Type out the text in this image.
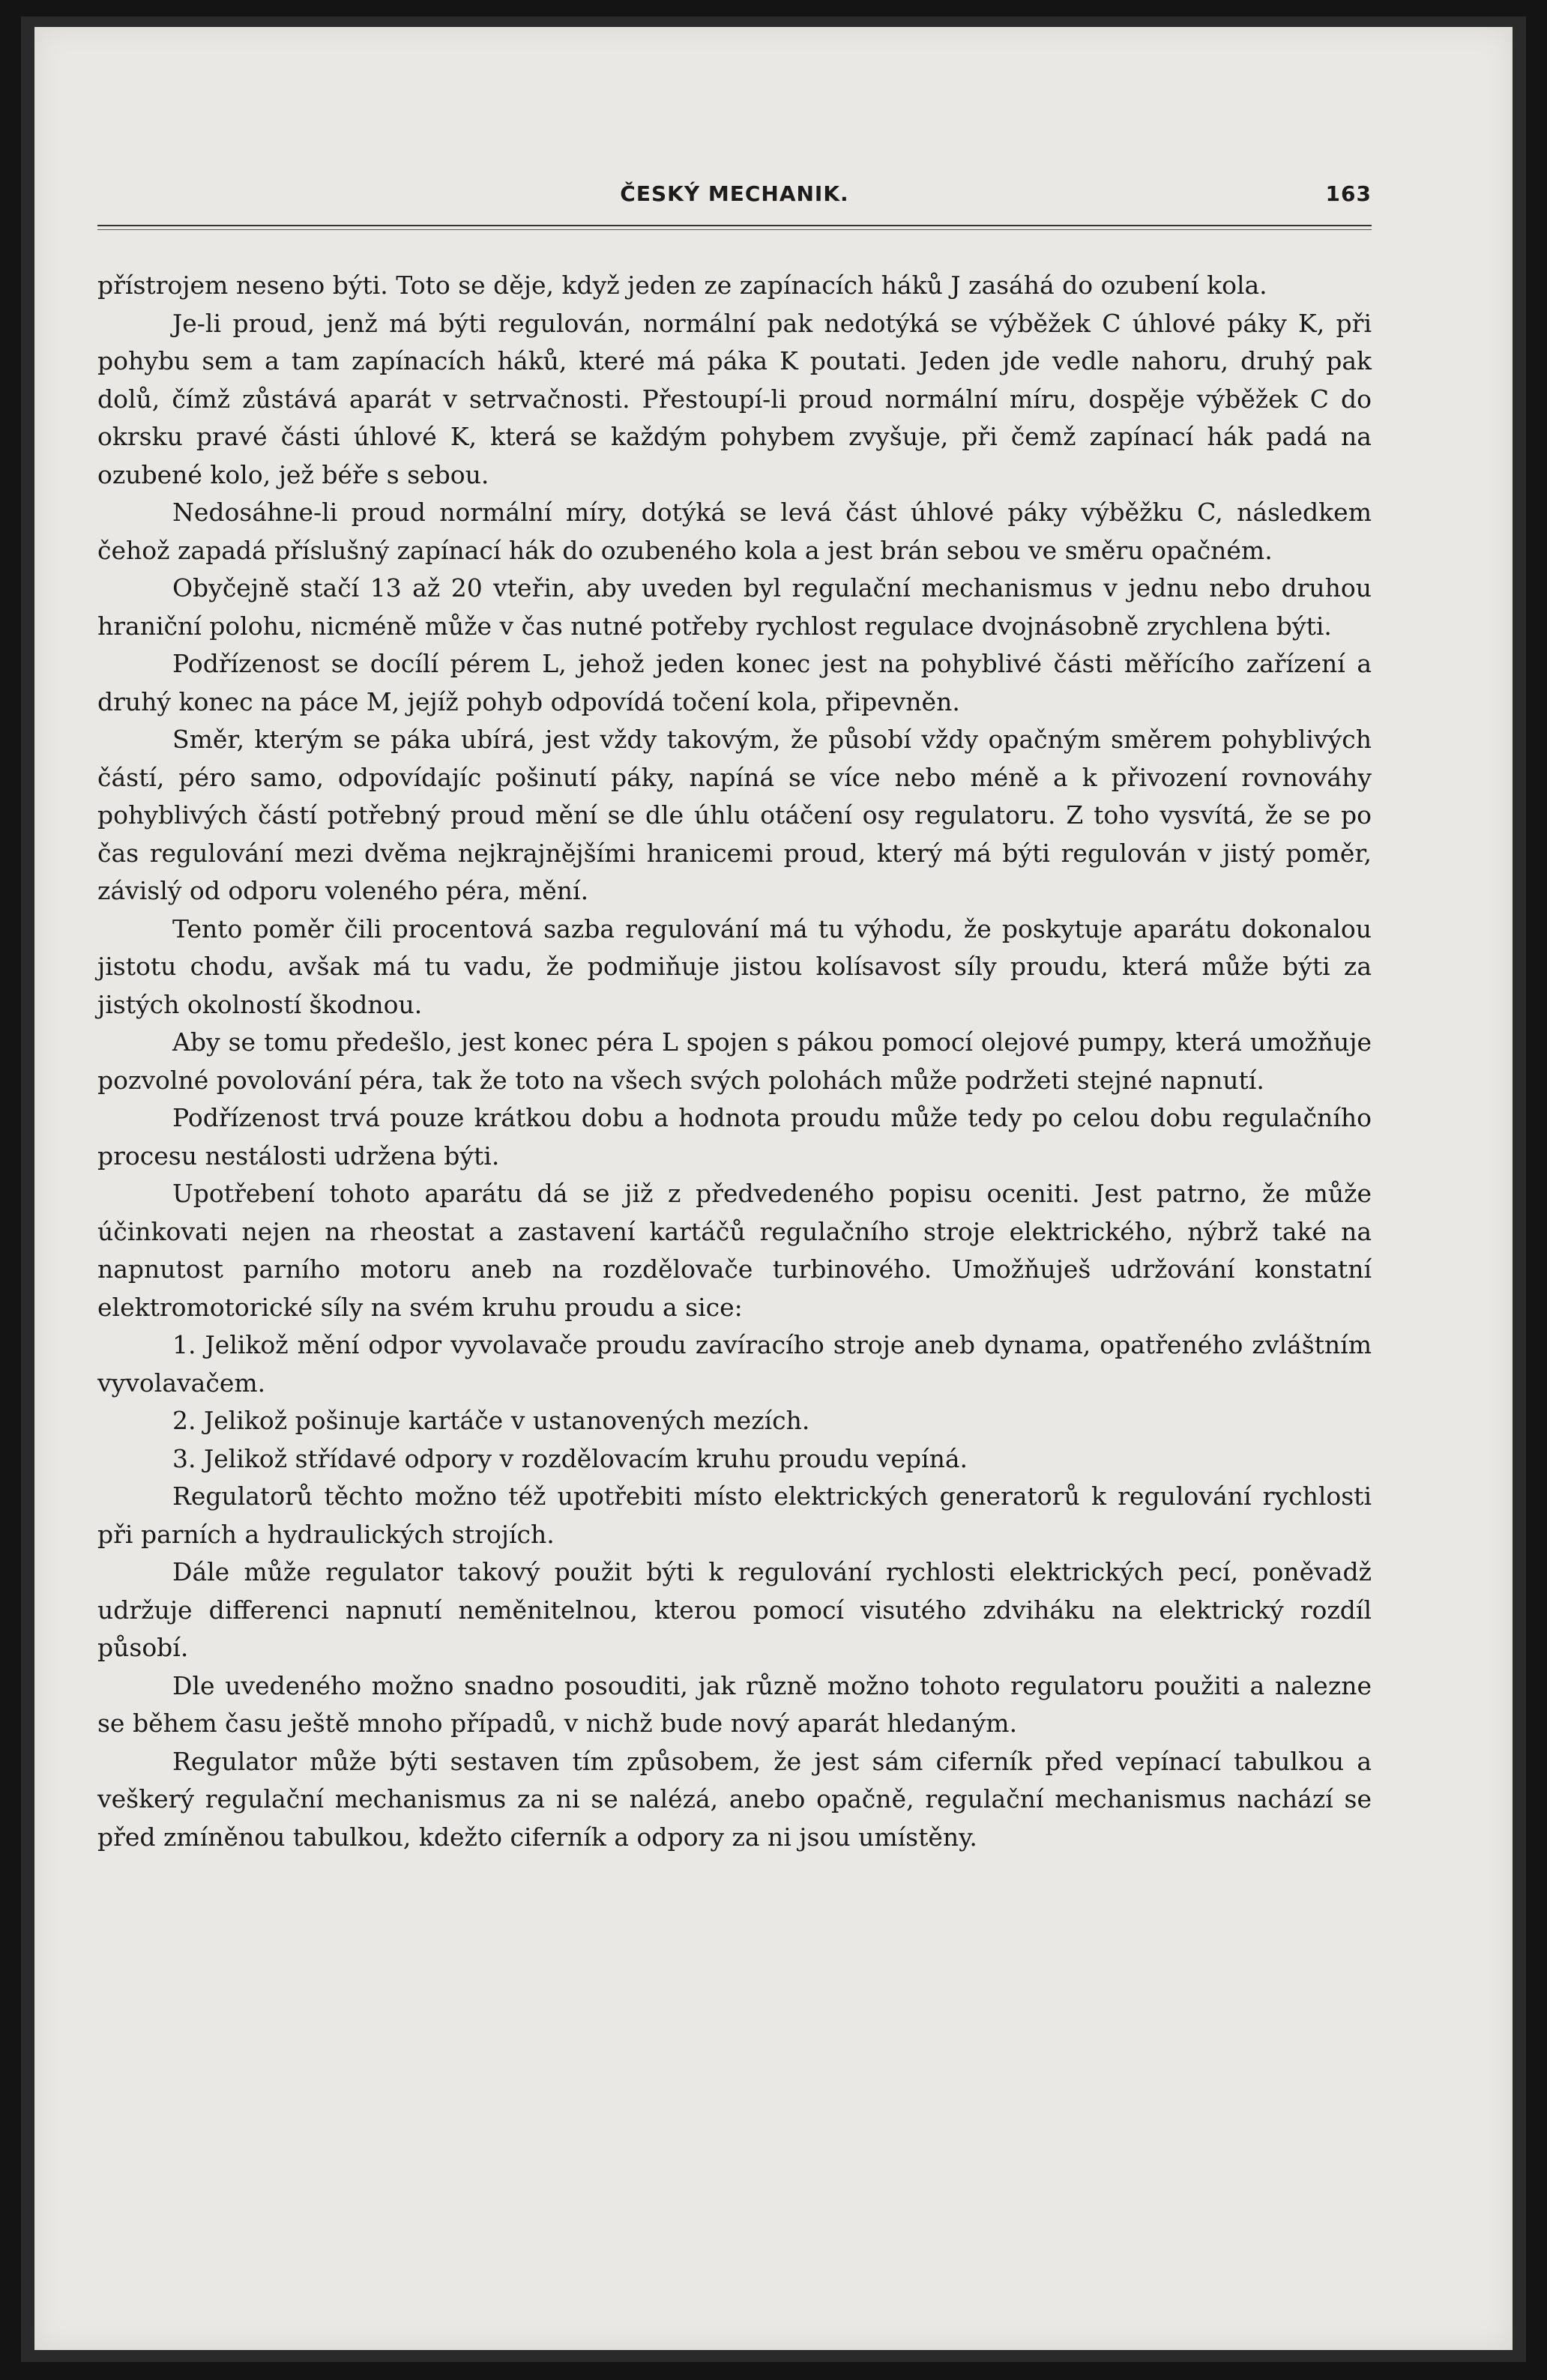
ČESKÝ MECHANIK.	163

přístrojem neseno býti. Toto se děje, když jeden ze zapínacích háků J zasáhá do ozubení kola.

Je-li proud, jenž má býti regulován, normální pak nedotýká se výběžek C úhlové páky K, při pohybu sem a tam zapínacích háků, které má páka K poutati. Jeden jde vedle nahoru, druhý pak dolů, čímž zůstává aparát v setrvačnosti. Přestoupí-li proud normální míru, dospěje výběžek C do okrsku pravé části úhlové K, která se každým pohybem zvyšuje, při čemž zapínací hák padá na ozubené kolo, jež béře s sebou.

Nedosáhne-li proud normální míry, dotýká se levá část úhlové páky výběžku C, následkem čehož zapadá příslušný zapínací hák do ozubeného kola a jest brán sebou ve směru opačném.

Obyčejně stačí 13 až 20 vteřin, aby uveden byl regulační mechanismus v jednu nebo druhou hraniční polohu, nicméně může v čas nutné potřeby rychlost regulace dvojnásobně zrychlena býti.

Podřízenost se docílí pérem L, jehož jeden konec jest na pohyblivé části měřícího zařízení a druhý konec na páce M, jejíž pohyb odpovídá točení kola, připevněn.

Směr, kterým se páka ubírá, jest vždy takovým, že působí vždy opačným směrem pohyblivých částí, péro samo, odpovídajíc pošinutí páky, napíná se více nebo méně a k přivození rovnováhy pohyblivých částí potřebný proud mění se dle úhlu otáčení osy regulatoru. Z toho vysvítá, že se po čas regulování mezi dvěma nejkrajnějšími hranicemi proud, který má býti regulován v jistý poměr, závislý od odporu voleného péra, mění.

Tento poměr čili procentová sazba regulování má tu výhodu, že poskytuje aparátu dokonalou jistotu chodu, avšak má tu vadu, že podmiňuje jistou kolísavost síly proudu, která může býti za jistých okolností škodnou.

Aby se tomu předešlo, jest konec péra L spojen s pákou pomocí olejové pumpy, která umožňuje pozvolné povolování péra, tak že toto na všech svých polohách může podržeti stejné napnutí.

Podřízenost trvá pouze krátkou dobu a hodnota proudu může tedy po celou dobu regulačního procesu nestálosti udržena býti.

Upotřebení tohoto aparátu dá se již z předvedeného popisu oceniti. Jest patrno, že může účinkovati nejen na rheostat a zastavení kartáčů regulačního stroje elektrického, nýbrž také na napnutost parního motoru aneb na rozdělovače turbinového. Umožňuješ udržování konstatní elektromotorické síly na svém kruhu proudu a sice:

1. Jelikož mění odpor vyvolavače proudu zavíracího stroje aneb dynama, opatřeného zvláštním vyvolavačem.

2. Jelikož pošinuje kartáče v ustanovených mezích.

3. Jelikož střídavé odpory v rozdělovacím kruhu proudu vepíná.

Regulatorů těchto možno též upotřebiti místo elektrických generatorů k regulování rychlosti při parních a hydraulických strojích.

Dále může regulator takový použit býti k regulování rychlosti elektrických pecí, poněvadž udržuje differenci napnutí neměnitelnou, kterou pomocí visutého zdviháku na elektrický rozdíl působí.

Dle uvedeného možno snadno posouditi, jak různě možno tohoto regulatoru použiti a nalezne se během času ještě mnoho případů, v nichž bude nový aparát hledaným.

Regulator může býti sestaven tím způsobem, že jest sám ciferník před vepínací tabulkou a veškerý regulační mechanismus za ni se nalézá, anebo opačně, regulační mechanismus nachází se před zmíněnou tabulkou, kdežto ciferník a odpory za ni jsou umístěny.
